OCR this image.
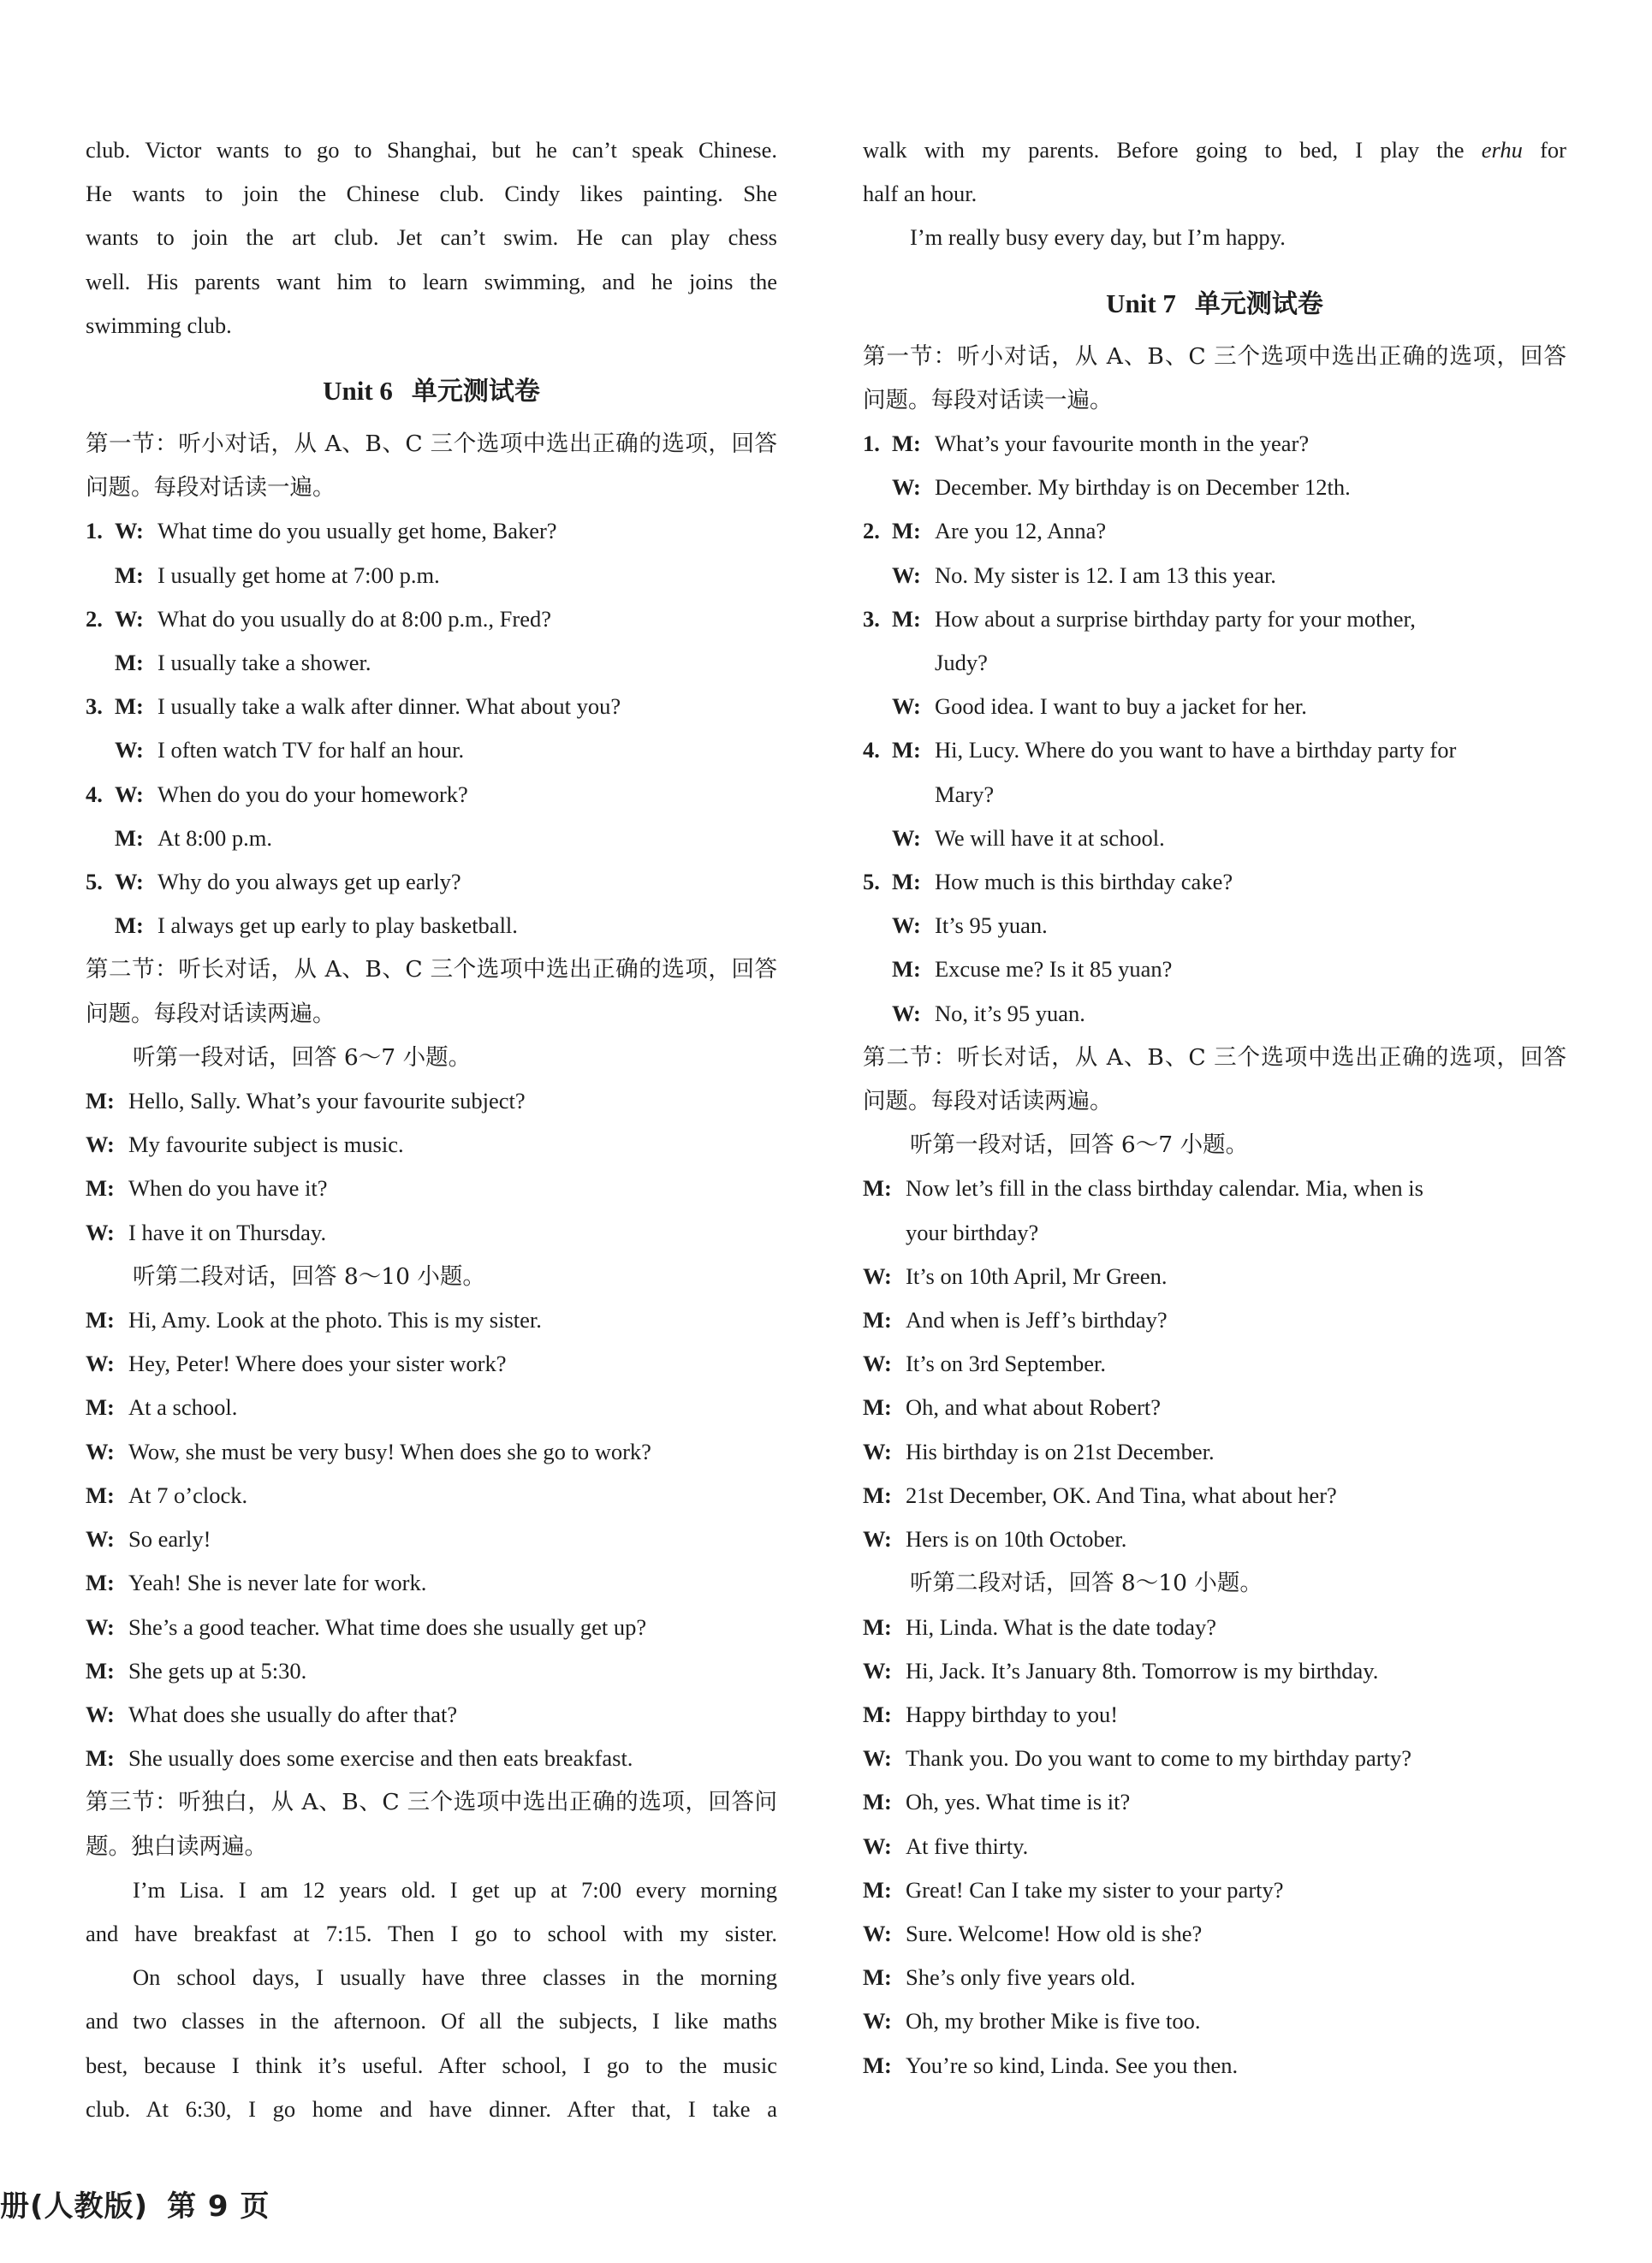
club. Victor wants to go to Shanghai, but he can’t speak Chinese.
He wants to join the Chinese club. Cindy likes painting. She
wants to join the art club. Jet can’t swim. He can play chess
well. His parents want him to learn swimming, and he joins the
swimming club.
Unit 6 单元测试卷
第一节：听小对话，从 A、B、C 三个选项中选出正确的选项，回答
问题。每段对话读一遍。
1. W: What time do you usually get home, Baker?
M: I usually get home at 7:00 p.m.
2. W: What do you usually do at 8:00 p.m., Fred?
M: I usually take a shower.
3. M: I usually take a walk after dinner. What about you?
W: I often watch TV for half an hour.
4. W: When do you do your homework?
M: At 8:00 p.m.
5. W: Why do you always get up early?
M: I always get up early to play basketball.
第二节：听长对话，从 A、B、C 三个选项中选出正确的选项，回答
问题。每段对话读两遍。
听第一段对话，回答 6～7 小题。
M: Hello, Sally. What’s your favourite subject?
W: My favourite subject is music.
M: When do you have it?
W: I have it on Thursday.
听第二段对话，回答 8～10 小题。
M: Hi, Amy. Look at the photo. This is my sister.
W: Hey, Peter! Where does your sister work?
M: At a school.
W: Wow, she must be very busy! When does she go to work?
M: At 7 o’clock.
W: So early!
M: Yeah! She is never late for work.
W: She’s a good teacher. What time does she usually get up?
M: She gets up at 5:30.
W: What does she usually do after that?
M: She usually does some exercise and then eats breakfast.
第三节：听独白，从 A、B、C 三个选项中选出正确的选项，回答问
题。独白读两遍。
I’m Lisa. I am 12 years old. I get up at 7:00 every morning
and have breakfast at 7:15. Then I go to school with my sister.
On school days, I usually have three classes in the morning
and two classes in the afternoon. Of all the subjects, I like maths
best, because I think it’s useful. After school, I go to the music
club. At 6:30, I go home and have dinner. After that, I take a
walk with my parents. Before going to bed, I play the erhu for
half an hour.
I’m really busy every day, but I’m happy.
Unit 7 单元测试卷
第一节：听小对话，从 A、B、C 三个选项中选出正确的选项，回答
问题。每段对话读一遍。
1. M: What’s your favourite month in the year?
W: December. My birthday is on December 12th.
2. M: Are you 12, Anna?
W: No. My sister is 12. I am 13 this year.
3. M: How about a surprise birthday party for your mother,
Judy?
W: Good idea. I want to buy a jacket for her.
4. M: Hi, Lucy. Where do you want to have a birthday party for
Mary?
W: We will have it at school.
5. M: How much is this birthday cake?
W: It’s 95 yuan.
M: Excuse me? Is it 85 yuan?
W: No, it’s 95 yuan.
第二节：听长对话，从 A、B、C 三个选项中选出正确的选项，回答
问题。每段对话读两遍。
听第一段对话，回答 6～7 小题。
M: Now let’s fill in the class birthday calendar. Mia, when is
your birthday?
W: It’s on 10th April, Mr Green.
M: And when is Jeff’s birthday?
W: It’s on 3rd September.
M: Oh, and what about Robert?
W: His birthday is on 21st December.
M: 21st December, OK. And Tina, what about her?
W: Hers is on 10th October.
听第二段对话，回答 8～10 小题。
M: Hi, Linda. What is the date today?
W: Hi, Jack. It’s January 8th. Tomorrow is my birthday.
M: Happy birthday to you!
W: Thank you. Do you want to come to my birthday party?
M: Oh, yes. What time is it?
W: At five thirty.
M: Great! Can I take my sister to your party?
W: Sure. Welcome! How old is she?
M: She’s only five years old.
W: Oh, my brother Mike is five too.
M: You’re so kind, Linda. See you then.
册(人教版) 第 9 页
